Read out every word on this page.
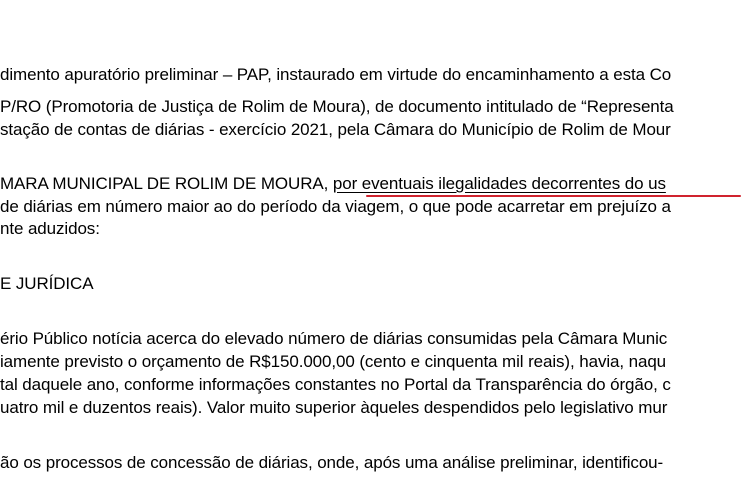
dimento apuratório preliminar – PAP, instaurado em virtude do encaminhamento a esta Co
P/RO (Promotoria de Justiça de Rolim de Moura), de documento intitulado de “Representa
stação de contas de diárias - exercício 2021, pela Câmara do Município de Rolim de Mour
MARA MUNICIPAL DE ROLIM DE MOURA, por eventuais ilegalidades decorrentes do us
de diárias em número maior ao do período da viagem, o que pode acarretar em prejuízo a
nte aduzidos:
E JURÍDICA
ério Público notícia acerca do elevado número de diárias consumidas pela Câmara Munic
iamente previsto o orçamento de R$150.000,00 (cento e cinquenta mil reais), havia, naqu
tal daquele ano, conforme informações constantes no Portal da Transparência do órgão, c
uatro mil e duzentos reais). Valor muito superior àqueles despendidos pelo legislativo mur
ão os processos de concessão de diárias, onde, após uma análise preliminar, identificou-
